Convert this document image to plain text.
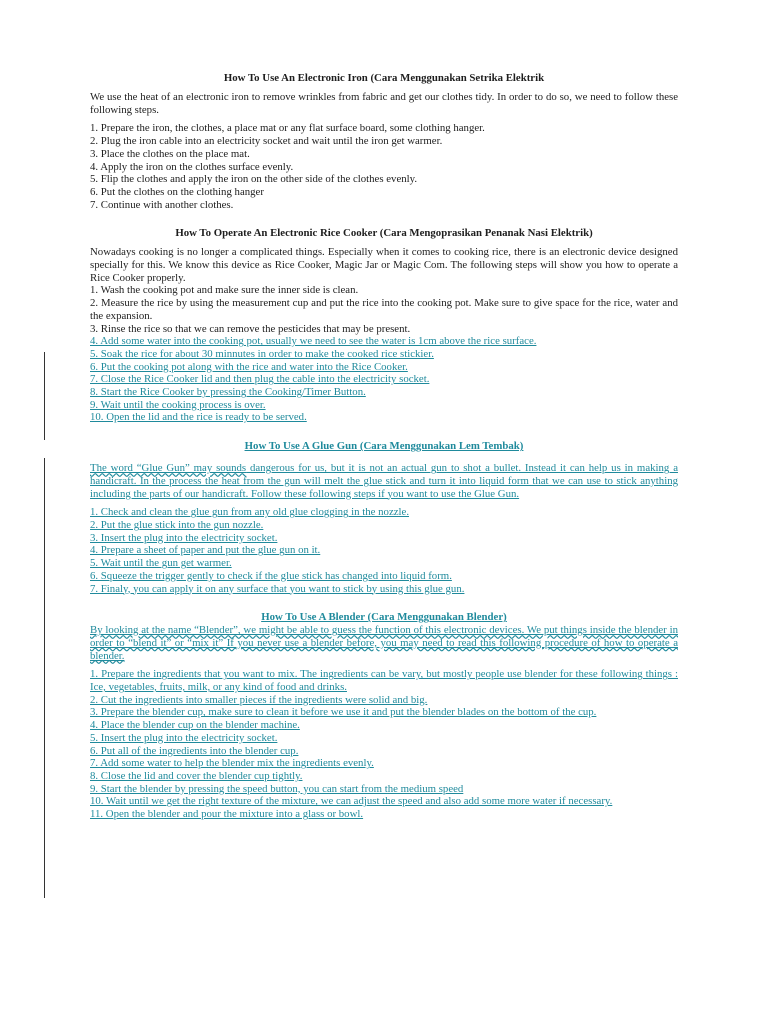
How To Use An Electronic Iron (Cara Menggunakan Setrika Elektrik

We use the heat of an electronic iron to remove wrinkles from fabric and get our clothes tidy. In order to do so, we need to follow these following steps.

1. Prepare the iron, the clothes, a place mat or any flat surface board, some clothing hanger.
2. Plug the iron cable into an electricity socket and wait until the iron get warmer.
3. Place the clothes on the place mat.
4. Apply the iron on the clothes surface evenly.
5. Flip the clothes and apply the iron on the other side of the clothes evenly.
6. Put the clothes on the clothing hanger
7. Continue with another clothes.
How To Operate An Electronic Rice Cooker (Cara Mengoprasikan Penanak Nasi Elektrik)

Nowadays cooking is no longer a complicated things. Especially when it comes to cooking rice, there is an electronic device designed specially for this. We know this device as Rice Cooker, Magic Jar or Magic Com. The following steps will show you how to operate a Rice Cooker properly.

1. Wash the cooking pot and make sure the inner side is clean.
2. Measure the rice by using the measurement cup and put the rice into the cooking pot. Make sure to give space for the rice, water and the expansion.
3. Rinse the rice so that we can remove the pesticides that may be present.
4. Add some water into the cooking pot, usually we need to see the water is 1cm above the rice surface.
5. Soak the rice for about 30 minnutes in order to make the cooked rice stickier.
6. Put the cooking pot along with the rice and water into the Rice Cooker.
7. Close the Rice Cooker lid and then plug the cable into the electricity socket.
8. Start the Rice Cooker by pressing the Cooking/Timer Button.
9. Wait until the cooking process is over.
10. Open the lid and the rice is ready to be served.
How To Use A Glue Gun (Cara Menggunakan Lem Tembak)

The word “Glue Gun” may sounds dangerous for us, but it is not an actual gun to shot a bullet. Instead it can help us in making a handicraft. In the process the heat from the gun will melt the glue stick and turn it into liquid form that we can use to stick anything including the parts of our handicraft. Follow these following steps if you want to use the Glue Gun.

1. Check and clean the glue gun from any old glue clogging in the nozzle.
2. Put the glue stick into the gun nozzle.
3. Insert the plug into the electricity socket.
4. Prepare a sheet of paper and put the glue gun on it.
5. Wait until the gun get warmer.
6. Squeeze the trigger gently to check if the glue stick has changed into liquid form.
7. Finaly, you can apply it on any surface that you want to stick by using this glue gun.
How To Use A Blender (Cara Menggunakan Blender)

By looking at the name “Blender”, we might be able to guess the function of this electronic devices. We put things inside the blender in order to “blend it” or “mix it” If you never use a blender before, you may need to read this following procedure of how to operate a blender.

1. Prepare the ingredients that you want to mix. The ingredients can be vary, but mostly people use blender for these following things : Ice, vegetables, fruits, milk, or any kind of food and drinks.
2. Cut the ingredients into smaller pieces if the ingredients were solid and big.
3. Prepare the blender cup, make sure to clean it before we use it and put the blender blades on the bottom of the cup.
4. Place the blender cup on the blender machine.
5. Insert the plug into the electricity socket.
6. Put all of the ingredients into the blender cup.
7. Add some water to help the blender mix the ingredients evenly.
8. Close the lid and cover the blender cup tightly.
9. Start the blender by pressing the speed button, you can start from the medium speed
10. Wait until we get the right texture of the mixture, we can adjust the speed and also add some more water if necessary.
11. Open the blender and pour the mixture into a glass or bowl.
